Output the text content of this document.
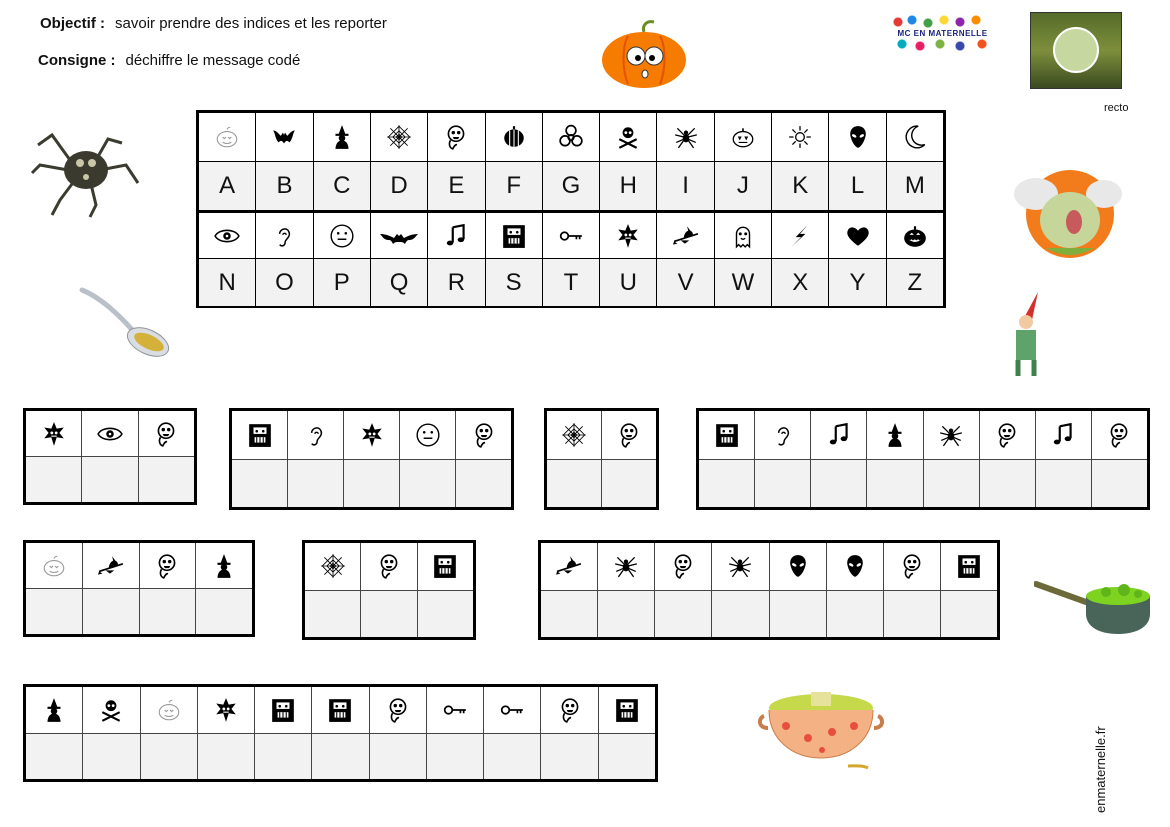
Objectif : savoir prendre des indices et les reporter
Consigne : déchiffre le message codé
MC EN MATERNELLE
recto
enmaternelle.fr
A	B	C	D	E	F	G	H	I	J	K	L	M
N	O	P	Q	R	S	T	U	V	W	X	Y	Z
